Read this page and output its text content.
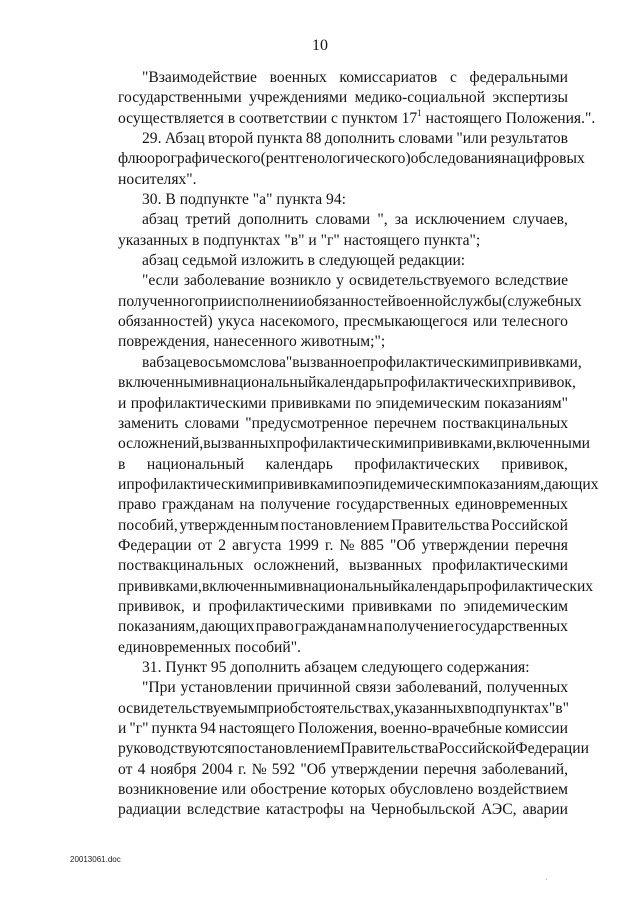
10
"Взаимодействие военных комиссариатов с федеральными
государственными учреждениями медико-социальной экспертизы
осуществляется в соответствии с пунктом $17^1$ настоящего Положения.".
29. Абзац второй пункта 88 дополнить словами "или результатов
флюорографического (рентгенологического) обследования на цифровых
носителях".
30. В подпункте "а" пункта 94:
абзац третий дополнить словами ", за исключением случаев,
указанных в подпунктах "в" и "г" настоящего пункта";
абзац седьмой изложить в следующей редакции:
"если заболевание возникло у освидетельствуемого вследствие
полученного при исполнении обязанностей военной службы (служебных
обязанностей) укуса насекомого, пресмыкающегося или телесного
повреждения, нанесенного животным;";
в абзаце восьмом слова "вызванное профилактическими прививками,
включенными в национальный календарь профилактических прививок,
и профилактическими прививками по эпидемическим показаниям"
заменить словами "предусмотренное перечнем поствакцинальных
осложнений, вызванных профилактическими прививками, включенными
в национальный календарь профилактических прививок,
и профилактическими прививками по эпидемическим показаниям, дающих
право гражданам на получение государственных единовременных
пособий, утвержденным постановлением Правительства Российской
Федерации от 2 августа 1999 г. № 885 "Об утверждении перечня
поствакцинальных осложнений, вызванных профилактическими
прививками, включенными в национальный календарь профилактических
прививок, и профилактическими прививками по эпидемическим
показаниям, дающих право гражданам на получение государственных
единовременных пособий".
31. Пункт 95 дополнить абзацем следующего содержания:
"При установлении причинной связи заболеваний, полученных
освидетельствуемым при обстоятельствах, указанных в подпунктах "в"
и "г" пункта 94 настоящего Положения, военно-врачебные комиссии
руководствуются постановлением Правительства Российской Федерации
от 4 ноября 2004 г. № 592 "Об утверждении перечня заболеваний,
возникновение или обострение которых обусловлено воздействием
радиации вследствие катастрофы на Чернобыльской АЭС, аварии
20013061.doc
·
